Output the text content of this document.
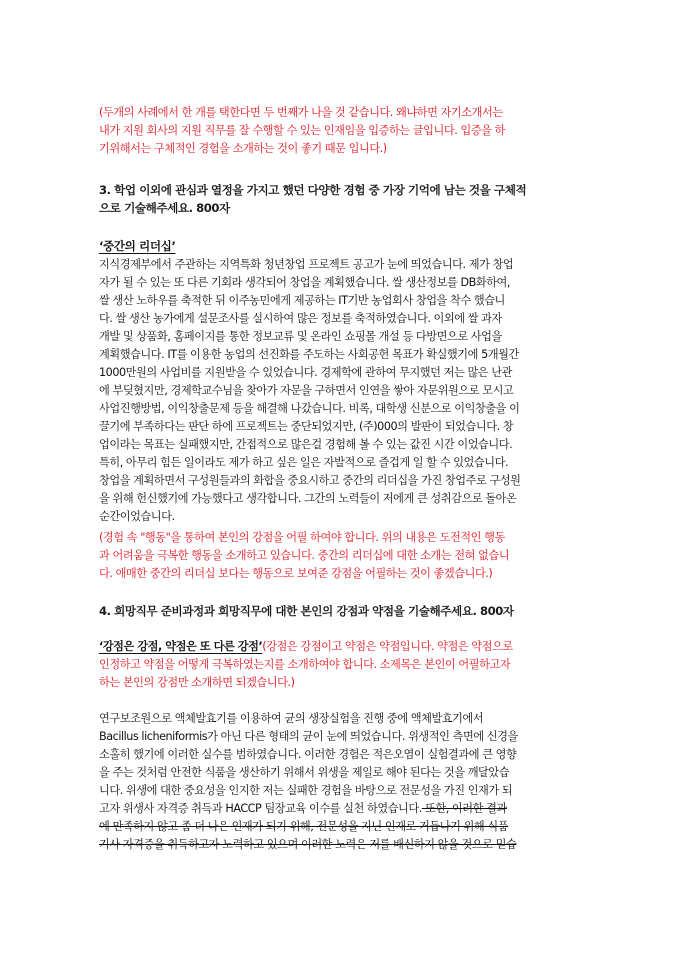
(두개의 사례에서 한 개를 택한다면 두 번째가 나을 것 같습니다. 왜냐하면 자기소개서는
내가 지원 회사의 지원 직무를 잘 수행할 수 있는 인재임을 입증하는 글입니다. 입증을 하
기위해서는 구체적인 경험을 소개하는 것이 좋기 때문 입니다.)
3. 학업 이외에 관심과 열정을 가지고 했던 다양한 경험 중 가장 기억에 남는 것을 구체적
으로 기술해주세요. 800자
‘중간의 리더십’
지식경제부에서 주관하는 지역특화 청년창업 프로젝트 공고가 눈에 띄었습니다. 제가 창업
자가 될 수 있는 또 다른 기회라 생각되어 창업을 계획했습니다. 쌀 생산정보를 DB화하여,
쌀 생산 노하우를 축적한 뒤 이주농민에게 제공하는 IT기반 농업회사 창업을 착수 했습니
다. 쌀 생산 농가에게 설문조사를 실시하여 많은 정보를 축적하였습니다. 이외에 쌀 과자
개발 및 상품화, 홈페이지를 통한 정보교류 및 온라인 쇼핑몰 개설 등 다방면으로 사업을
계획했습니다. IT를 이용한 농업의 선진화를 주도하는 사회공헌 목표가 확실했기에 5개월간
1000만원의 사업비를 지원받을 수 있었습니다. 경제학에 관하여 무지했던 저는 많은 난관
에 부딪혔지만, 경제학교수님을 찾아가 자문을 구하면서 인연을 쌓아 자문위원으로 모시고
사업진행방법, 이익창출문제 등을 해결해 나갔습니다. 비록, 대학생 신분으로 이익창출을 이
끌기에 부족하다는 판단 하에 프로젝트는 중단되었지만, (주)000의 발판이 되었습니다. 창
업이라는 목표는 실패했지만, 간접적으로 많은걸 경험해 볼 수 있는 값진 시간 이었습니다.
특히, 아무리 힘든 일이라도 제가 하고 싶은 일은 자발적으로 즐겁게 일 할 수 있었습니다.
창업을 계획하면서 구성원들과의 화합을 중요시하고 중간의 리더십을 가진 창업주로 구성원
을 위해 헌신했기에 가능했다고 생각합니다. 그간의 노력들이 저에게 큰 성취감으로 돌아온
순간이었습니다.
(경험 속 "행동"을 통하여 본인의 강점을 어필 하여야 합니다. 위의 내용은 도전적인 행동
과 어려움을 극복한 행동을 소개하고 있습니다. 중간의 리더십에 대한 소개는 전혀 없습니
다. 애매한 중간의 리더십 보다는 행동으로 보여준 강점을 어필하는 것이 좋겠습니다.)
4. 희망직무 준비과정과 희망직무에 대한 본인의 강점과 약점을 기술해주세요. 800자
‘강점은 강점, 약점은 또 다른 강점’(강점은 강점이고 약점은 약점입니다. 약점은 약점으로
인정하고 약점을 어떻게 극복하였는지를 소개하여야 합니다. 소제목은 본인이 어필하고자
하는 본인의 강점만 소개하면 되겠습니다.)
연구보조원으로 액체발효기를 이용하여 균의 생장실험을 진행 중에 액체발효기에서
Bacillus licheniformis가 아닌 다른 형태의 균이 눈에 띄었습니다. 위생적인 측면에 신경을
소홀히 했기에 이러한 실수를 범하였습니다. 이러한 경험은 적은오염이 실험결과에 큰 영향
을 주는 것처럼 안전한 식품을 생산하기 위해서 위생을 제일로 해야 된다는 것을 깨달았습
니다. 위생에 대한 중요성을 인지한 저는 실패한 경험을 바탕으로 전문성을 가진 인재가 되
고자 위생사 자격증 취득과 HACCP 팀장교육 이수를 실천 하였습니다. 또한, 이러한 결과
에 만족하지 않고 좀 더 나은 인재가 되기 위해, 전문성을 지닌 인재로 거듭나기 위해 식품
기사 자격증을 취득하고자 노력하고 있으며 이러한 노력은 저를 배신하지 않을 것으로 믿습
